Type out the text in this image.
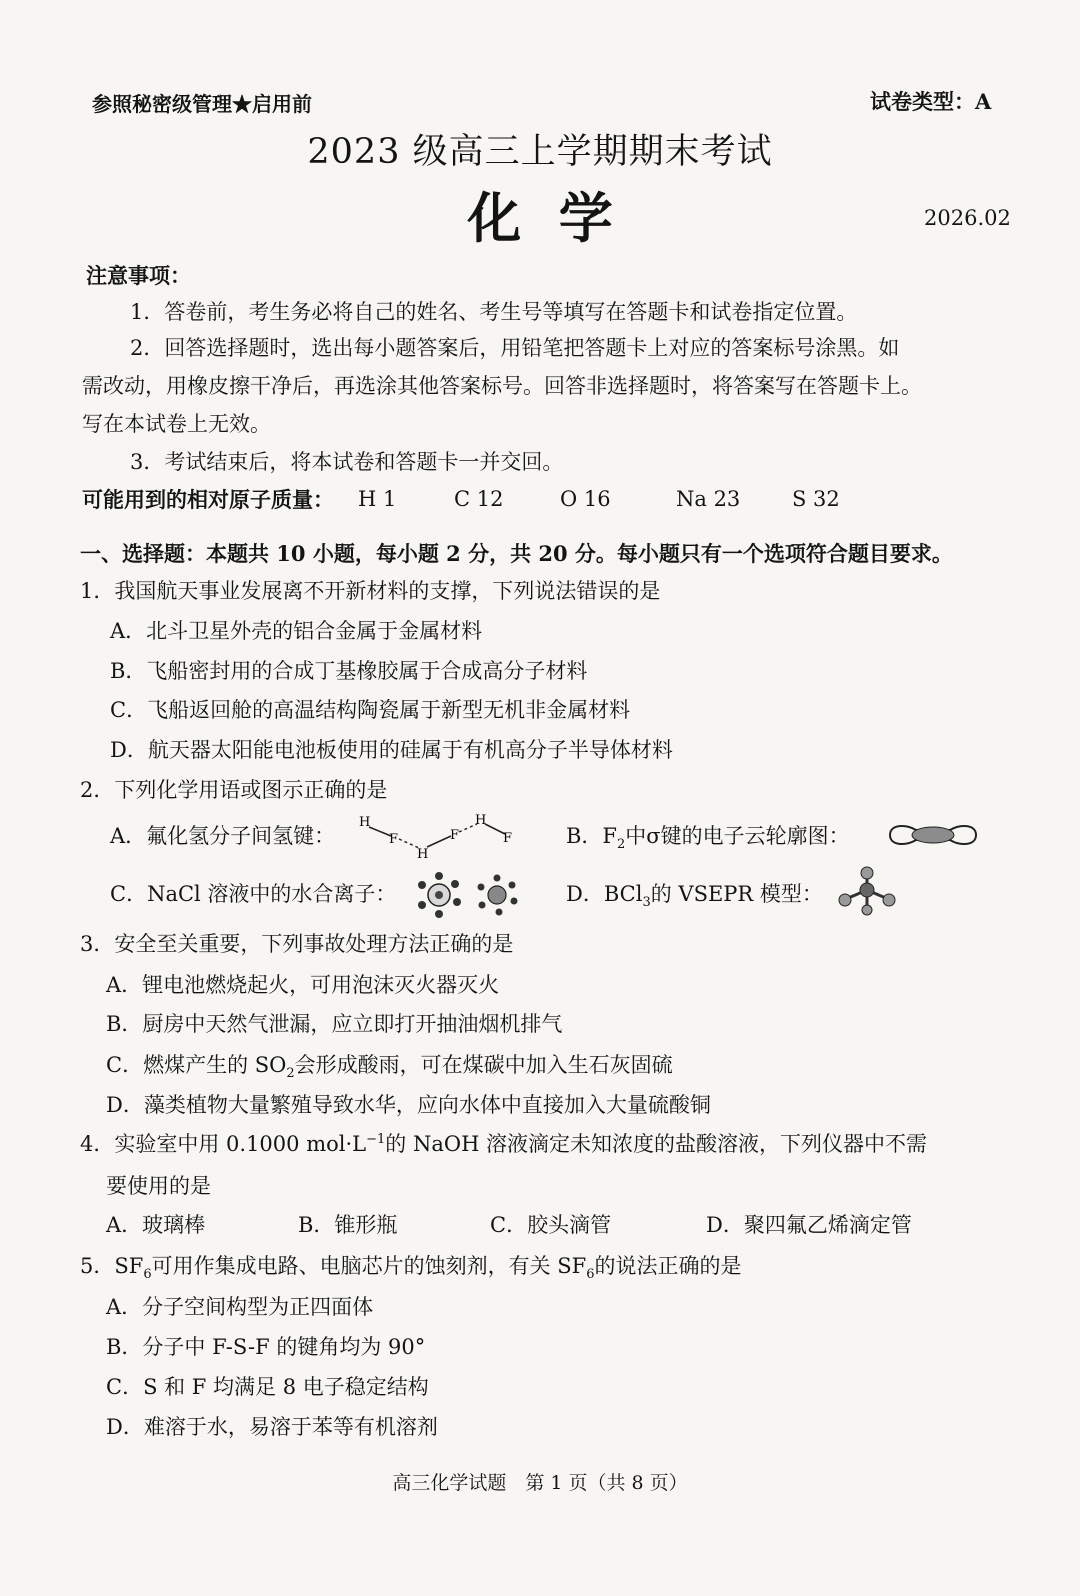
参照秘密级管理★启用前	试卷类型：A
2023 级高三上学期期末考试
化  学	2026.02
注意事项：
1．答卷前，考生务必将自己的姓名、考生号等填写在答题卡和试卷指定位置。
2．回答选择题时，选出每小题答案后，用铅笔把答题卡上对应的答案标号涂黑。如
需改动，用橡皮擦干净后，再选涂其他答案标号。回答非选择题时，将答案写在答题卡上。
写在本试卷上无效。
3．考试结束后，将本试卷和答题卡一并交回。
可能用到的相对原子质量： H 1	C 12	O 16	Na 23 S 32
一、选择题：本题共 10 小题，每小题 2 分，共 20 分。每小题只有一个选项符合题目要求。
1．我国航天事业发展离不开新材料的支撑，下列说法错误的是
A．北斗卫星外壳的铝合金属于金属材料
B．飞船密封用的合成丁基橡胶属于合成高分子材料
C．飞船返回舱的高温结构陶瓷属于新型无机非金属材料
D．航天器太阳能电池板使用的硅属于有机高分子半导体材料
2．下列化学用语或图示正确的是
A．氟化氢分子间氢键：
H
F
H
F
H
F	B．$F_2$中σ键的电子云轮廓图：
C．NaCl 溶液中的水合离子：	D．BCl$_3$的 VSEPR 模型：
3．安全至关重要，下列事故处理方法正确的是
A．锂电池燃烧起火，可用泡沫灭火器灭火
B．厨房中天然气泄漏，应立即打开抽油烟机排气
C．燃煤产生的 $SO_2$会形成酸雨，可在煤碳中加入生石灰固硫
D．藻类植物大量繁殖导致水华，应向水体中直接加入大量硫酸铜
4．实验室中用 0.1000 $mol\cdot L^{-1}$的 NaOH 溶液滴定未知浓度的盐酸溶液，下列仪器中不需
要使用的是
A．玻璃棒	B．锥形瓶	C．胶头滴管	D．聚四氟乙烯滴定管
5．$SF_6$可用作集成电路、电脑芯片的蚀刻剂，有关 $SF_6$的说法正确的是
A．分子空间构型为正四面体
B．分子中 F-S-F 的键角均为 90°
C．S 和 F 均满足 8 电子稳定结构
D．难溶于水，易溶于苯等有机溶剂
高三化学试题　第 1 页（共 8 页）
